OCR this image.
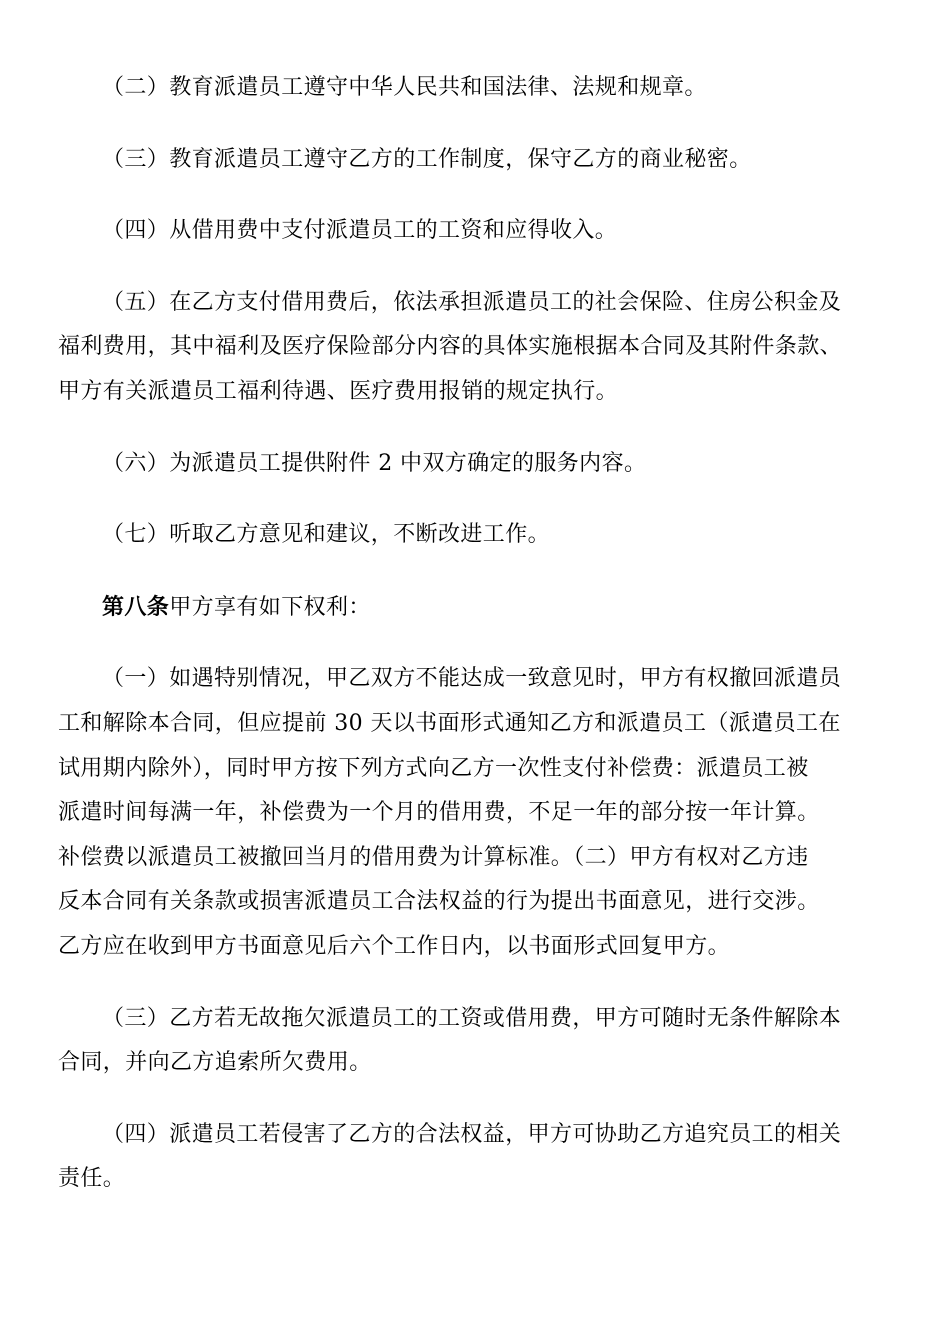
（二）教育派遣员工遵守中华人民共和国法律、法规和规章。

（三）教育派遣员工遵守乙方的工作制度，保守乙方的商业秘密。

（四）从借用费中支付派遣员工的工资和应得收入。

（五）在乙方支付借用费后，依法承担派遣员工的社会保险、住房公积金及
福利费用，其中福利及医疗保险部分内容的具体实施根据本合同及其附件条款、
甲方有关派遣员工福利待遇、医疗费用报销的规定执行。

（六）为派遣员工提供附件 2 中双方确定的服务内容。

（七）听取乙方意见和建议，不断改进工作。

第八条甲方享有如下权利：

（一）如遇特别情况，甲乙双方不能达成一致意见时，甲方有权撤回派遣员
工和解除本合同，但应提前 30 天以书面形式通知乙方和派遣员工（派遣员工在
试用期内除外），同时甲方按下列方式向乙方一次性支付补偿费：派遣员工被
派遣时间每满一年，补偿费为一个月的借用费，不足一年的部分按一年计算。
补偿费以派遣员工被撤回当月的借用费为计算标准。（二）甲方有权对乙方违
反本合同有关条款或损害派遣员工合法权益的行为提出书面意见，进行交涉。
乙方应在收到甲方书面意见后六个工作日内，以书面形式回复甲方。

（三）乙方若无故拖欠派遣员工的工资或借用费，甲方可随时无条件解除本
合同，并向乙方追索所欠费用。

（四）派遣员工若侵害了乙方的合法权益，甲方可协助乙方追究员工的相关
责任。
